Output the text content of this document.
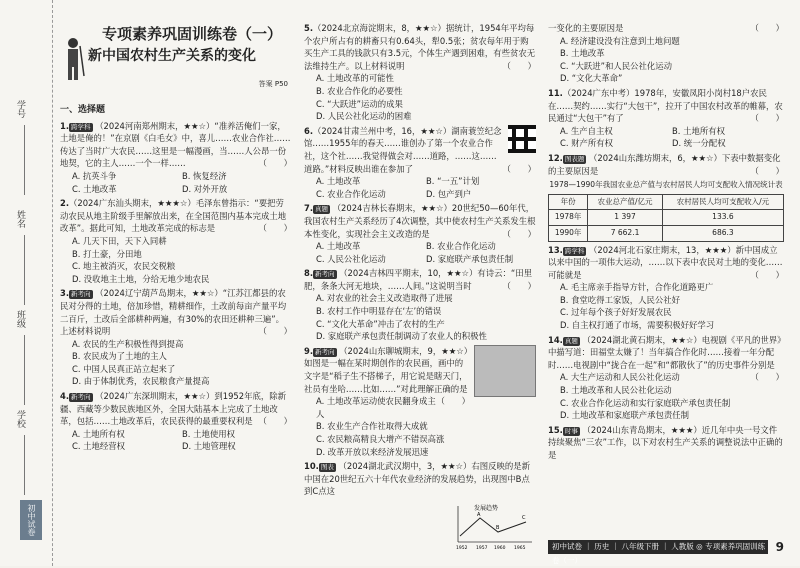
学号
姓名
班级
学校
初中试卷
专项素养巩固训练卷（一）
新中国农村生产关系的变化
答案 P50
一、选择题
1. 跨学科 （2024河南郑州期末，★★☆）“准养活俺们一家，土地是俺的！”在京剧《白毛女》中，喜儿……农业合作社……传达了当时广大农民……这里是一幅漫画，当……人公昂一份地契，它的主人……一个一样……	（　　）
A. 抗英斗争	B. 恢复经济
C. 土地改革	D. 对外开放
2.（2024广东汕头期末，★★★☆）毛泽东曾指示：“要把劳动农民从地主阶级手里解放出来，在全国范围内基本完成土地改革”。据此可知，土地改革完成的标志是	（　　）
A. 几天下田，天下入同耕
B. 打土豪，分田地
C. 地主被消灭，农民交税粮
D. 没收地主土地，分给无地少地农民
3. 新考向 （2024辽宁葫芦岛期末，★★☆）“江苏江都县的农民对分得的土地，倍加珍惜，精耕细作，土改前每亩产量平均二百斤，土改后全部耕种两遍，有30%的农田还耕种三遍”。上述材料说明	（　　）
A. 农民的生产积极性得到提高
B. 农民成为了土地的主人
C. 中国人民真正站立起来了
D. 由于体制优秀，农民粮食产量提高
4. 新考向 （2024广东深圳期末，★★☆）到1952年底，除新疆、西藏等少数民族地区外，全国大陆基本上完成了土地改革，包括……土地改革后，农民获得的最重要权利是 （　　）
A. 土地所有权	B. 土地使用权
C. 土地经营权	D. 土地管理权
5.（2024北京海淀期末，8，★★☆）据统计，1954年平均每个农户所占有的耕畜只有0.64头，犁0.5张；贫农每年用于购买生产工具的钱款只有3.5元，个体生产遇到困难，有些贫农无法维持生产。以上材料说明	（　　）
A. 土地改革的可能性
B. 农业合作化的必要性
C. “大跃进”运动的成果
D. 人民公社化运动的困难
6.（2024甘肃兰州中考，16，★★☆）湖南蓑笠纪念馆……1955年的春天……谁创办了第一个农业合作社，这个社……我觉得做会对……道路，……这……道路。”材料反映出谁在参加了	（　　）
A. 土地改革	B. “一五”计划
C. 农业合作化运动	D. 包产到户
7. 真题 （2024吉林长春期末，★★☆）20世纪50—60年代，我国农村生产关系经历了4次调整，其中使农村生产关系发生根本性变化，实现社会主义改造的是	（　　）
A. 土地改革	B. 农业合作化运动
C. 人民公社化运动	D. 家庭联产承包责任制
8. 新考向 （2024吉林四平期末，10，★★☆）有诗云：“田里肥，条条大河无地块，……人间。”这说明当时	（　　）
A. 对农业的社会主义改造取得了进展
B. 农村工作中明显存在‘左’的错误
C. “文化大革命”冲击了农村的生产
D. 家庭联产承包责任制调动了农业人的积极性
9. 新考向 （2024山东聊城期末，9，★★☆）如图是一幅在某时期创作的农民画，画中的文字是“稻子生不搭梯子，用它说是瞎天门，社员有坐哈……比如……”对此理解正确的是
（　　）
A. 土地改革运动使农民翻身成主人
B. 农业生产合作社取得大成就
C. 农民粮高精良大增产不错误高涨
D. 改革开放以来经济发展迅速
10. 图表 （2024湖北武汉期中，3，★★☆）右图反映的是新中国在20世纪五六十年代农业经济的发展趋势，出现图中B点到C点这
发展趋势
A
B
C
1952 1957 1960 1965
一变化的主要原因是	（　　）
A. 经济建设没有注意到土地问题
B. 土地改革
C. “大跃进”和人民公社化运动
D. “文化大革命”
11.（2024广东中考）1978年，安徽凤阳小岗村18户农民在……契约……实行“大包干”，拉开了中国农村改革的帷幕，农民通过“大包干”有了	（　　）
A. 生产自主权	B. 土地所有权
C. 财产所有权	D. 统一分配权
12. 图表题 （2024山东潍坊期末，6，★★☆）下表中数据变化的主要原因是	（　　）
1978—1990年我国农业总产值与农村居民人均可支配收入情况统计表
年份	农业总产值/亿元	农村居民人均可支配收入/元
1978年	1 397	133.6
1990年	7 662.1	686.3
13. 跨学科 （2024河北石家庄期末，13，★★★）新中国成立以来中国的一项伟大运动，……以下表中农民对土地的变化……可能就是	（　　）
A. 毛主席亲手指导方针，合作化道路更广
B. 食堂吃得工家饭，人民公社好
C. 过年每个孩子好好发展农民
D. 自主权打通了市场，需要积极好好学习
14. 真题 （2024湖北黄石期末，★★☆）电视剧《平凡的世界》中描写道：田福堂太嫌了！当年搞合作化时……接着一年分配时……电视剧中“拢合在一起”和“都散伙了”的历史事件分别是
（　　）
A. 大生产运动和人民公社化运动
B. 土地改革和人民公社化运动
C. 农业合作化运动和实行家庭联产承包责任制
D. 土地改革和家庭联产承包责任制
15. 时事 （2024山东青岛期末，★★★）近几年中央一号文件持续聚焦“三农”工作，以下对农村生产关系的调整说法中正确的是
初中试卷 ｜ 历史 ｜ 八年级下册 ｜ 人教版 ◎ 专项素养巩固训练卷（一）
9
